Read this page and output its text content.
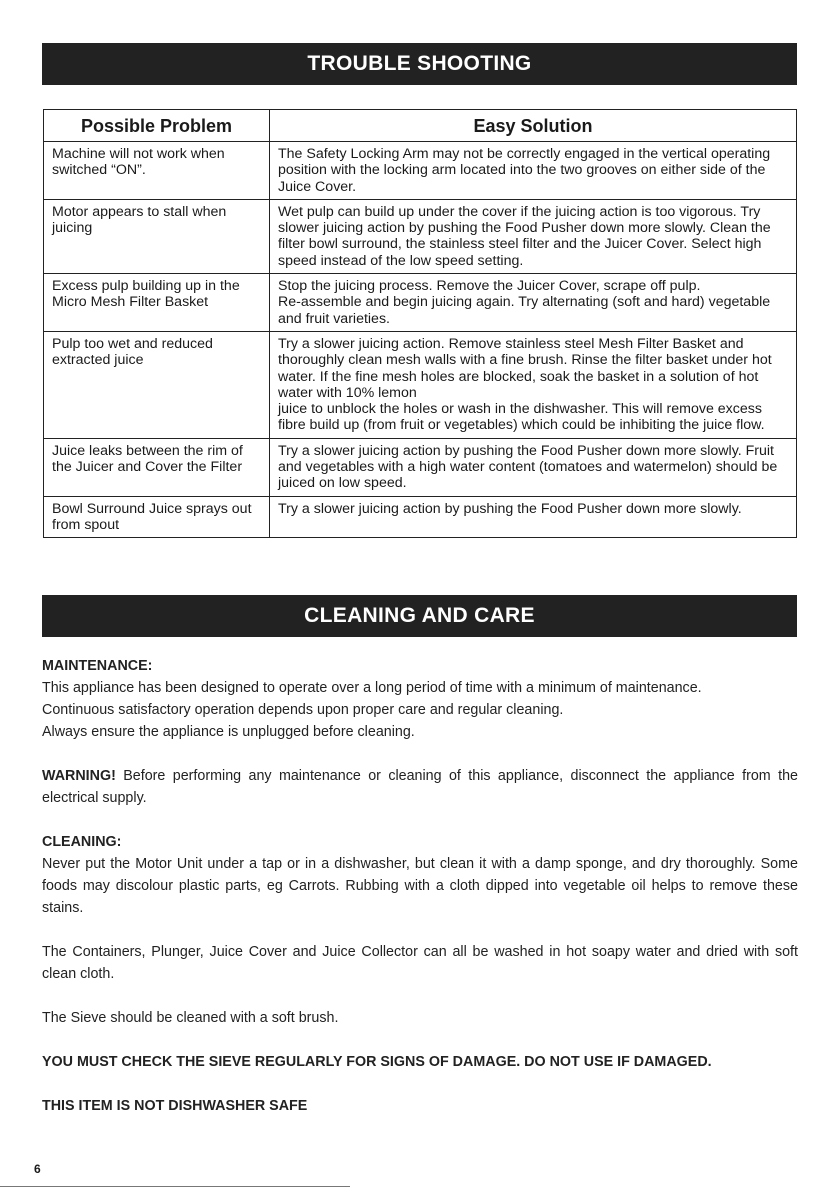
TROUBLE SHOOTING
Possible Problem	Easy Solution
Machine will not work when switched “ON”.	The Safety Locking Arm may not be correctly engaged in the vertical operating position with the locking arm located into the two grooves on either side of the Juice Cover.
Motor appears to stall when juicing	Wet pulp can build up under the cover if the juicing action is too vigorous. Try slower juicing action by pushing the Food Pusher down more slowly. Clean the filter bowl surround, the stainless steel filter and the Juicer Cover. Select high speed instead of the low speed setting.
Excess pulp building up in the Micro Mesh Filter Basket	Stop the juicing process. Remove the Juicer Cover, scrape off pulp.
Re-assemble and begin juicing again. Try alternating (soft and hard) vegetable and fruit varieties.
Pulp too wet and reduced extracted juice	Try a slower juicing action. Remove stainless steel Mesh Filter Basket and thoroughly clean mesh walls with a fine brush. Rinse the filter basket under hot water. If the fine mesh holes are blocked, soak the basket in a solution of hot water with 10% lemon
juice to unblock the holes or wash in the dishwasher. This will remove excess fibre build up (from fruit or vegetables) which could be inhibiting the juice flow.
Juice leaks between the rim of the Juicer and Cover the Filter	Try a slower juicing action by pushing the Food Pusher down more slowly. Fruit and vegetables with a high water content (tomatoes and watermelon) should be juiced on low speed.
Bowl Surround Juice sprays out from spout	Try a slower juicing action by pushing the Food Pusher down more slowly.
CLEANING AND CARE

MAINTENANCE:

This appliance has been designed to operate over a long period of time with a minimum of maintenance.

Continuous satisfactory operation depends upon proper care and regular cleaning.

Always ensure the appliance is unplugged before cleaning.

WARNING! Before performing any maintenance or cleaning of this appliance, disconnect the appliance from the electrical supply.

CLEANING:

Never put the Motor Unit under a tap or in a dishwasher, but clean it with a damp sponge, and dry thoroughly. Some foods may discolour plastic parts, eg Carrots. Rubbing with a cloth dipped into vegetable oil helps to remove these stains.

The Containers, Plunger, Juice Cover and Juice Collector can all be washed in hot soapy water and dried with soft clean cloth.

The Sieve should be cleaned with a soft brush.

YOU MUST CHECK THE SIEVE REGULARLY FOR SIGNS OF DAMAGE. DO NOT USE IF DAMAGED.

THIS ITEM IS NOT DISHWASHER SAFE

6
